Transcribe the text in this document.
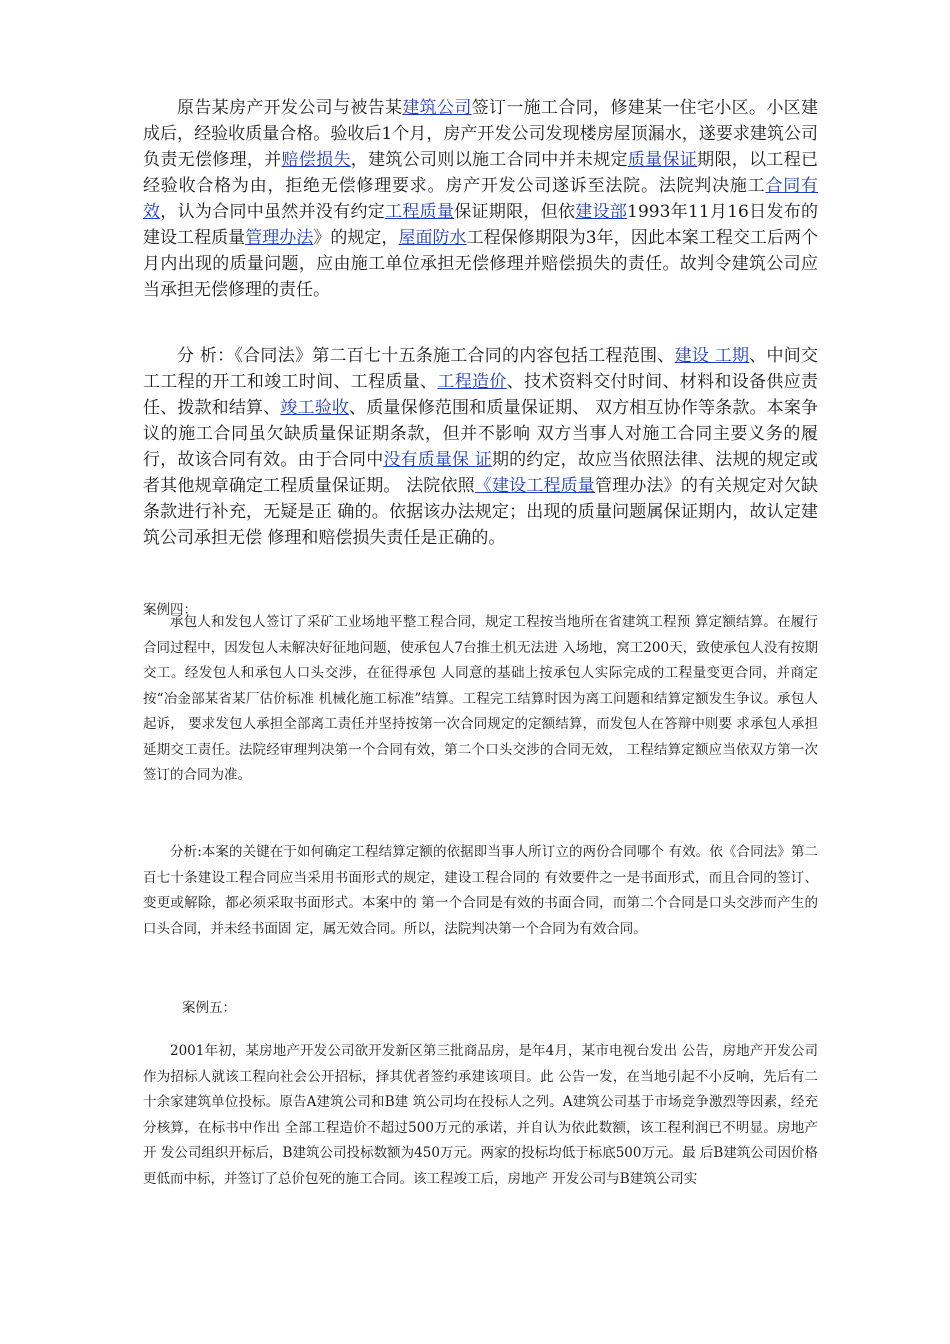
原告某房产开发公司与被告某建筑公司签订一施工合同，修建某一住宅小区。小区建成后，经验收质量合格。验收后1个月，房产开发公司发现楼房屋顶漏水，遂要求建筑公司负责无偿修理，并赔偿损失，建筑公司则以施工合同中并未规定质量保证期限，以工程已经验收合格为由，拒绝无偿修理要求。房产开发公司遂诉至法院。法院判决施工合同有效，认为合同中虽然并没有约定工程质量保证期限，但依建设部1993年11月16日发布的建设工程质量管理办法》的规定，屋面防水工程保修期限为3年，因此本案工程交工后两个月内出现的质量问题，应由施工单位承担无偿修理并赔偿损失的责任。故判令建筑公司应当承担无偿修理的责任。

分 析：《合同法》第二百七十五条施工合同的内容包括工程范围、建设 工期、中间交工工程的开工和竣工时间、工程质量、工程造价、技术资料交付时间、材料和设备供应责任、拨款和结算、竣工验收、质量保修范围和质量保证期、 双方相互协作等条款。本案争议的施工合同虽欠缺质量保证期条款，但并不影响 双方当事人对施工合同主要义务的履行，故该合同有效。由于合同中没有质量保 证期的约定，故应当依照法律、法规的规定或者其他规章确定工程质量保证期。 法院依照《建设工程质量管理办法》的有关规定对欠缺条款进行补充，无疑是正 确的。依据该办法规定；出现的质量问题属保证期内，故认定建筑公司承担无偿 修理和赔偿损失责任是正确的。

案例四：

承包人和发包人签订了采矿工业场地平整工程合同，规定工程按当地所在省建筑工程预 算定额结算。在履行合同过程中，因发包人未解决好征地问题，使承包人7台推土机无法进 入场地，窝工200天，致使承包人没有按期交工。经发包人和承包人口头交涉，在征得承包 人同意的基础上按承包人实际完成的工程量变更合同，并商定按“冶金部某省某厂估价标准 机械化施工标准”结算。工程完工结算时因为离工问题和结算定额发生争议。承包人起诉， 要求发包人承担全部离工责任并坚持按第一次合同规定的定额结算，而发包人在答辩中则要 求承包人承担延期交工责任。法院经审理判决第一个合同有效，第二个口头交涉的合同无效， 工程结算定额应当依双方第一次签订的合同为准。

分析:本案的关键在于如何确定工程结算定额的依据即当事人所订立的两份合同哪个 有效。依《合同法》第二百七十条建设工程合同应当采用书面形式的规定，建设工程合同的 有效要件之一是书面形式，而且合同的签订、变更或解除，都必须采取书面形式。本案中的 第一个合同是有效的书面合同，而第二个合同是口头交涉而产生的口头合同，并未经书面固 定，属无效合同。所以，法院判决第一个合同为有效合同。

案例五：

2001年初，某房地产开发公司欲开发新区第三批商品房，是年4月，某市电视台发出 公告，房地产开发公司作为招标人就该工程向社会公开招标，择其优者签约承建该项目。此 公告一发，在当地引起不小反响，先后有二十余家建筑单位投标。原告A建筑公司和B建 筑公司均在投标人之列。A建筑公司基于市场竞争激烈等因素，经充分核算，在标书中作出 全部工程造价不超过500万元的承诺，并自认为依此数额，该工程利润已不明显。房地产开 发公司组织开标后，B建筑公司投标数额为450万元。两家的投标均低于标底500万元。最 后B建筑公司因价格更低而中标，并签订了总价包死的施工合同。该工程竣工后，房地产 开发公司与B建筑公司实
